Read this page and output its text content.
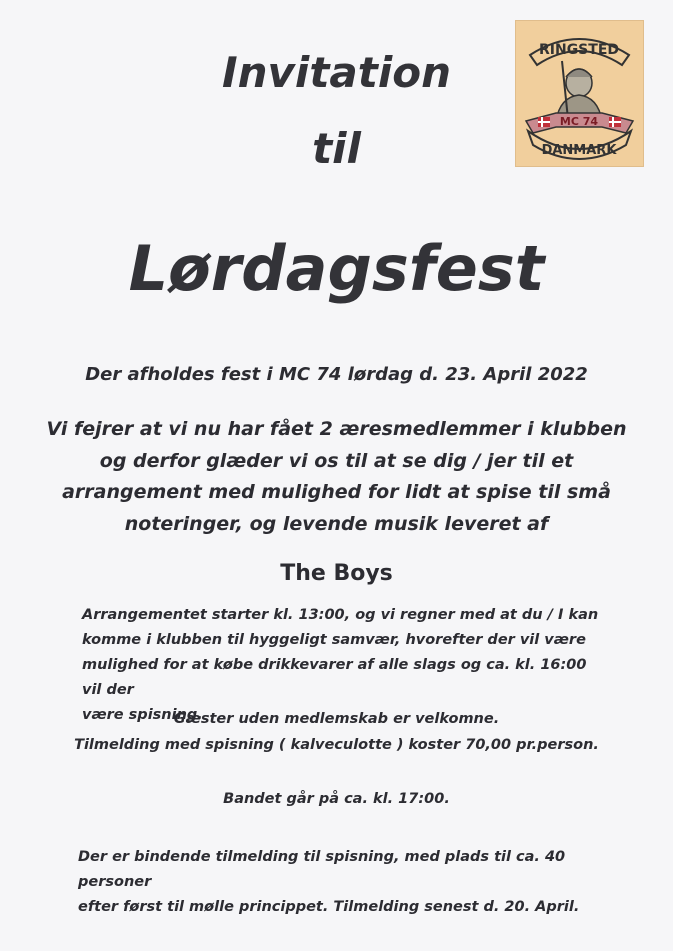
RINGSTED
MC 74
DANMARK
Invitation
til
Lørdagsfest

Der afholdes fest i MC 74 lørdag d. 23. April 2022

Vi fejrer at vi nu har fået 2 æresmedlemmer i klubben
og derfor glæder vi os til at se dig / jer til et
arrangement med mulighed for lidt at spise til små
noteringer, og levende musik leveret af

The Boys

Arrangementet starter kl. 13:00, og vi regner med at du / I kan
komme i klubben til hyggeligt samvær, hvorefter der vil være
mulighed for at købe drikkevarer af alle slags og ca. kl. 16:00 vil der
være spisning.

Gæster uden medlemskab er velkomne.

Tilmelding med spisning ( kalveculotte ) koster 70,00 pr.person.

Bandet går på ca. kl. 17:00.

Der er bindende tilmelding til spisning, med plads til ca. 40 personer
efter først til mølle princippet. Tilmelding senest d. 20. April.
